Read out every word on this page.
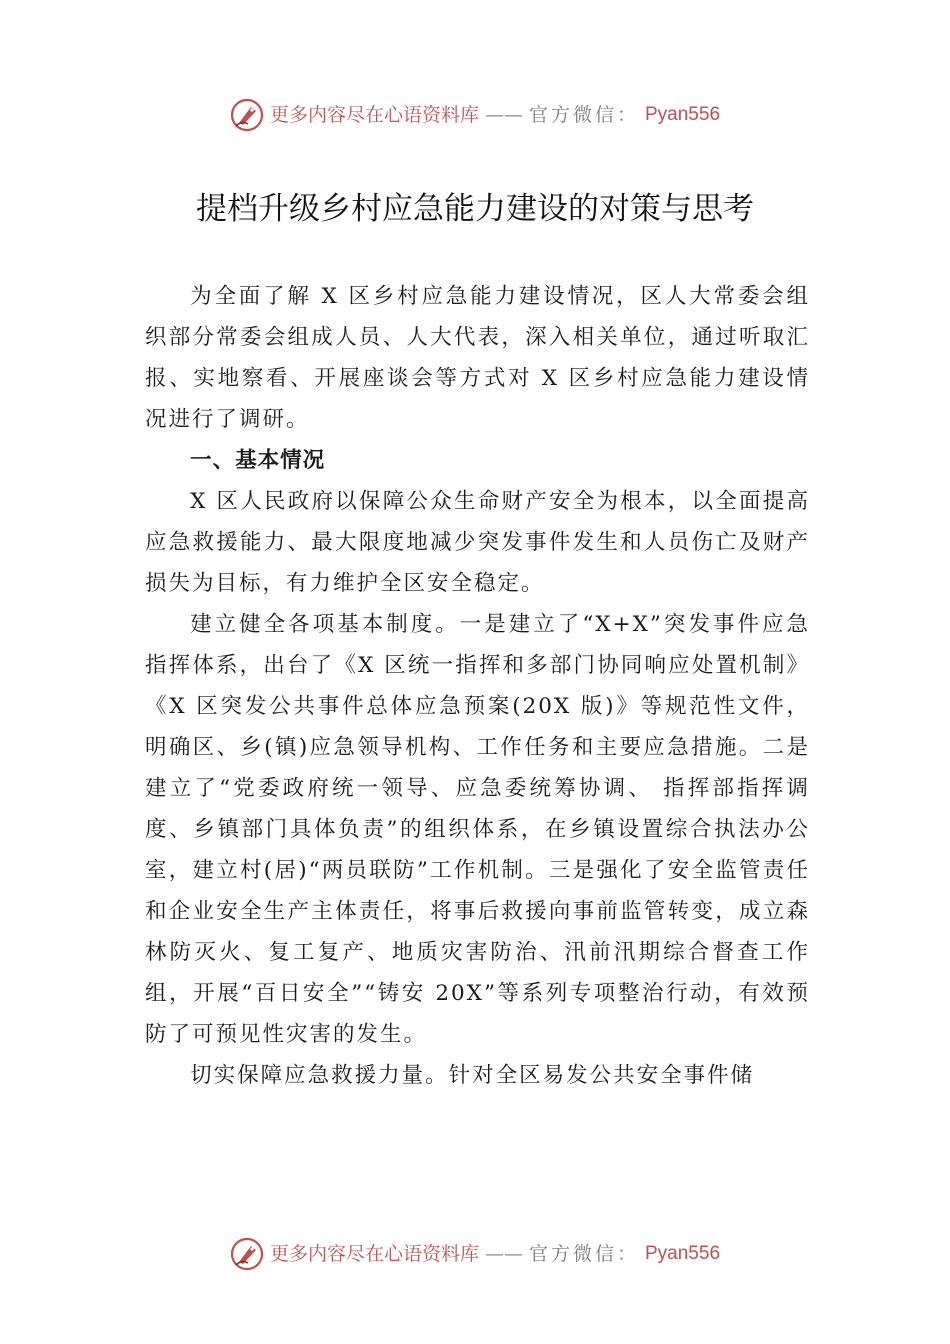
更多内容尽在心语资料库 —— 官方微信： Pyan556
提档升级乡村应急能力建设的对策与思考

为全面了解 X 区乡村应急能力建设情况，区人大常委会组织部分常委会组成人员、人大代表，深入相关单位，通过听取汇报、实地察看、开展座谈会等方式对 X 区乡村应急能力建设情况进行了调研。

一、基本情况

X 区人民政府以保障公众生命财产安全为根本，以全面提高应急救援能力、最大限度地减少突发事件发生和人员伤亡及财产损失为目标，有力维护全区安全稳定。

建立健全各项基本制度。一是建立了“X+X”突发事件应急指挥体系，出台了《X 区统一指挥和多部门协同响应处置机制》《X 区突发公共事件总体应急预案(20X 版)》等规范性文件，明确区、乡(镇)应急领导机构、工作任务和主要应急措施。二是建立了“党委政府统一领导、应急委统筹协调、 指挥部指挥调度、乡镇部门具体负责”的组织体系，在乡镇设置综合执法办公室，建立村(居)“两员联防”工作机制。三是强化了安全监管责任和企业安全生产主体责任，将事后救援向事前监管转变，成立森林防灭火、复工复产、地质灾害防治、汛前汛期综合督查工作组，开展“百日安全”“铸安 20X”等系列专项整治行动，有效预防了可预见性灾害的发生。

切实保障应急救援力量。针对全区易发公共安全事件储

更多内容尽在心语资料库 —— 官方微信： Pyan556
